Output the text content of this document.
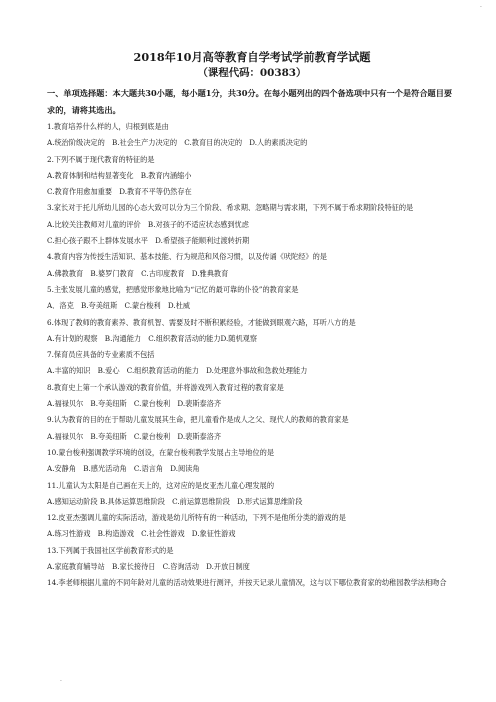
·

2018年10月高等教育自学考试学前教育学试题

（课程代码：00383）

一、单项选择题：本大题共30小题，每小题1分，共30分。在每小题列出的四个备选项中只有一个是符合题目要求的，请将其选出。

1.教育培养什么样的人，归根到底是由

A.统治阶级决定的　B.社会生产力决定的　C.教育目的决定的　D.人的素质决定的

2.下列不属于现代教育的特征的是

A.教育体制和结构显著变化　B.教育内涵缩小

C.教育作用愈加重要　D.教育不平等仍然存在

3.家长对于托儿所幼儿园的心态大致可以分为三个阶段、希求期、忽略期与需求期，下列不属于希求期阶段特征的是

A.比较关注教师对儿童的评价　B.对孩子的不适应状态感到忧虑

C.担心孩子跟不上群体发展水平　D.希望孩子能顺利过渡转折期

4.教育内容为传授生活知识、基本技能、行为规范和风俗习惯，以及传诵《吠陀经》的是

A.佛教教育　B.婆罗门教育　C.古印度教育　D.雅典教育

5.主张发展儿童的感觉，把感觉形象地比喻为“记忆的最可靠的仆役”的教育家是

A．洛克　B.夸美纽斯　C.蒙台梭利　D.杜威

6.体现了教师的教育素养、教育机智、需要及时不断积累经验，才能做到眼观六路，耳听八方的是

A.有计划的观察　B.沟通能力　C.组织教育活动的能力D.随机观察

7.保育员应具备的专业素质不包括

A.丰富的知识　B.爱心　C.组织教育活动的能力　D.处理意外事故和急救处理能力

8.教育史上第一个承认游戏的教育价值，并将游戏列入教育过程的教育家是

A.福禄贝尔　B.夸美纽斯　C.蒙台梭利　D.裴斯泰洛齐

9.认为教育的目的在于帮助儿童发展其生命，把儿童看作是成人之父、现代人的教师的教育家是

A.福禄贝尔　B.夸美纽斯　C.蒙台梭利　D.裴斯泰洛齐

10.蒙台梭利强调教学环境的创设，在蒙台梭利教学发展占主导地位的是

A.安静角　B.感光活动角　C.语言角　D.阅读角

11.儿童认为太阳是自己画在天上的，这对应的是皮亚杰儿童心理发展的

A.感知运动阶段 B.具体运算思维阶段　C.前运算思维阶段　D.形式运算思维阶段

12.皮亚杰强调儿童的实际活动，游戏是幼儿所特有的一种活动，下列不是他所分类的游戏的是

A.练习性游戏　B.构造游戏　C.社会性游戏　D.象征性游戏

13.下列属于我国社区学前教育形式的是

A.家庭教育辅导站　B.家长接待日　C.咨询活动　D.开放日制度

14.李老师根据儿童的不同年龄对儿童的活动效果进行测评，并按天记录儿童情况，这与以下哪位教育家的幼稚园教学法相吻合

·
